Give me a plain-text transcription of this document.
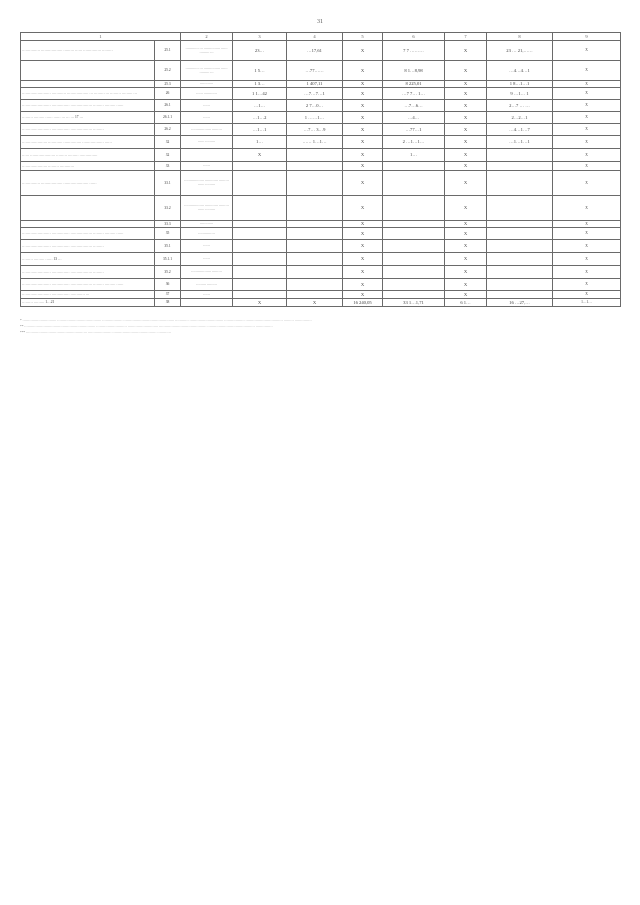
31
1		2	3	4	5	6	7	8	9
…………… ……………… ……… …… …………… ………	25.1	………… … …………… …… ……… …	23…	…17,61	X	7 7 ………	X	23 … 21,……	X
	25.2	………… … …………… …… ……… …	1 5…	…77……	X	8 1…8,98	X	…4…4…1	X
	25.3	…………	1 3…	1 407,11	X	8 225,01	X	1 8…1…1	X
…………………… ………… ……………… … ……… … ……… ……… …	26	…… …………	1 1…42	…7…7…1	X	…7 7… 1…	X	9 …1… 1	X
…………………… …………… ……………… ……… ……… ……	26.1	……	…1…	2 7…0…	X	…7…6…	X	2…7 … …	X
……… ……… …… …… … … … 17 …	26.1.1	……	…1…2	1 ……1…	X	…4…	X	2…2…1	X
…………………… …………… ……………… ………	26.2	……………… ………	…1…1	…7… 3…9	X	…77…1	X	…4…1…7	X
………………… ………… …………… ……………… ……	32	…… ………	1…	…… 1…1…	X	2 …1…1…	X	…1…1…1	X
…… ………………… ……… ……… ……………	32		X		X	1…	X		X
………………… ……… …………	33	……			X		X		X
…………… ……………… ………………… ……	33.1	……………… ………… ……… …… ………			X		X		X
	33.2	……………… ………… ……… …… ………			X		X		X
	33.3	…………			X		X		X
…………………… …………… ……………… ……… ……… ……	35	……………			X		X		X
…………………… …………… ……………… ………	35.1	……			X		X		X
……… ……… …… 13 …	35.1.1	……			X		X		X
…………………… …………… ……………… ………	35.2	……………… ………			X		X		X
…………………… …………… ……………… ……… ……… ……	36	……… ………			X		X		X
…………………… …………… ………… …	37	……			X		X		X
……… ……… 1…21	38		X	X	16 240,05	33 1…1,71	6 1…	16 …27,…	1…1…
* ………………………… ………………………………… ……………… ……………………………………… ………… ………………………… ……………… …………………………… ……… ……………
** ……………………………………………………… ……………………… ……………………… …………………………………… …………………………………… ……………
*** ……………………………………………… ………………… ………………………………… …………
